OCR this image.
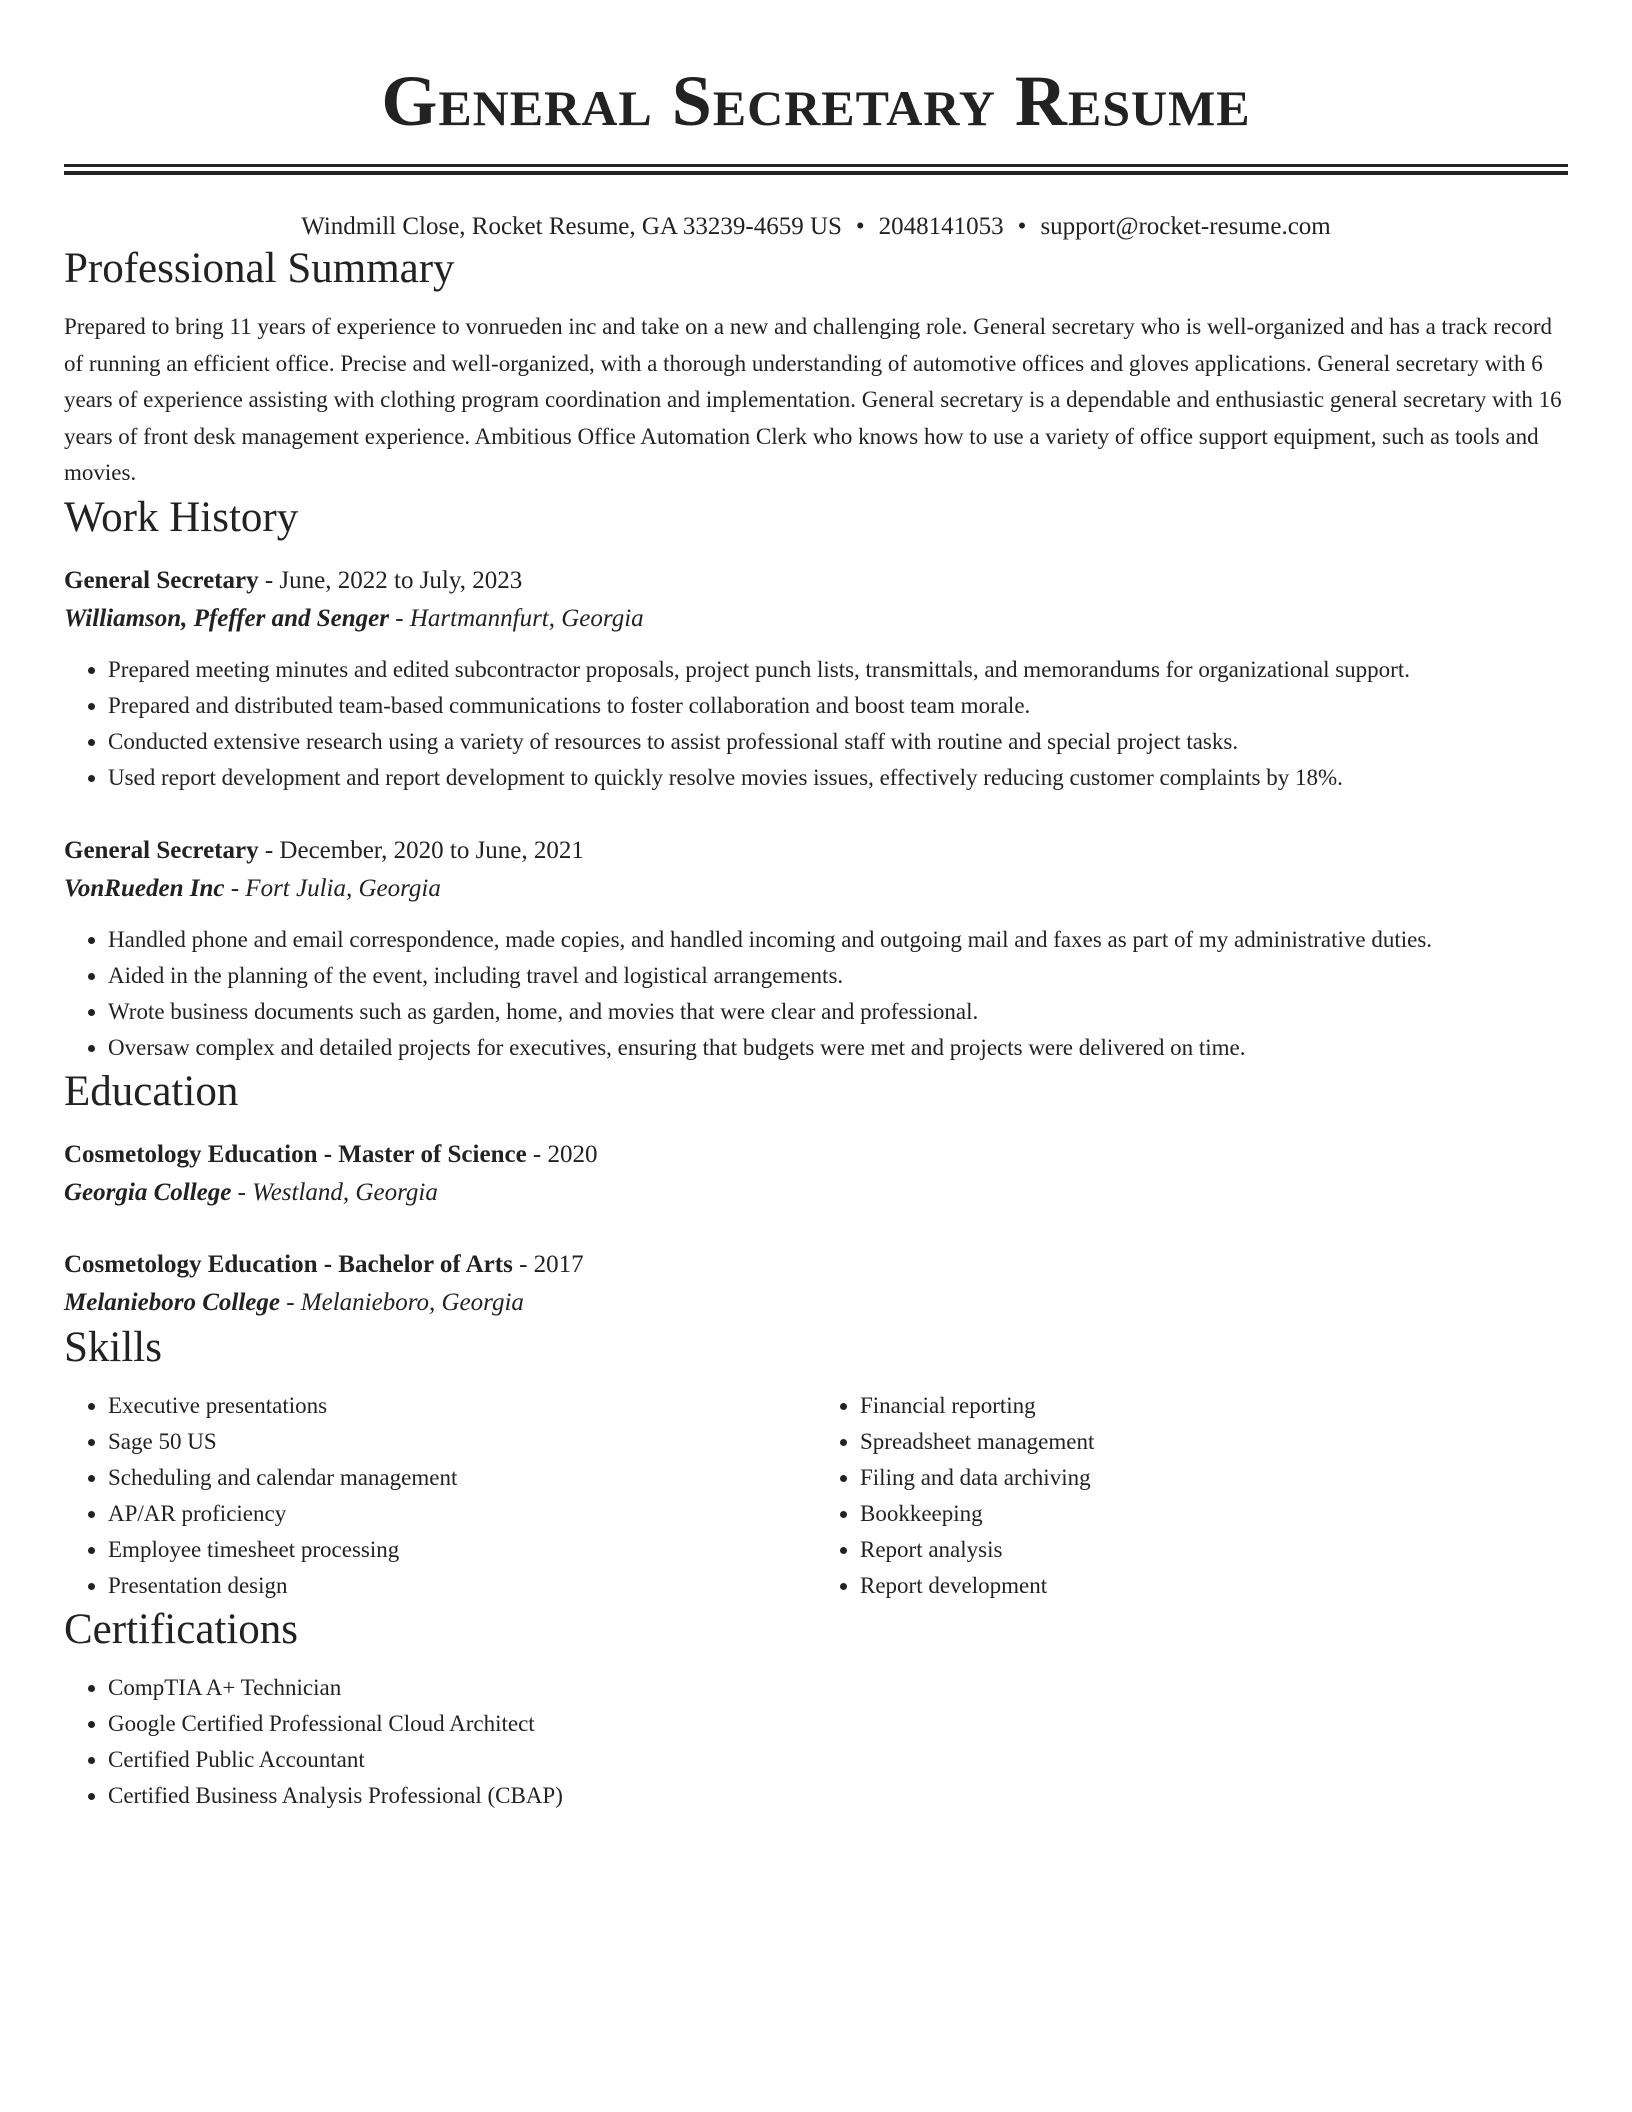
General Secretary Resume
Windmill Close, Rocket Resume, GA 33239-4659 US • 2048141053 • support@rocket-resume.com
Professional Summary

Prepared to bring 11 years of experience to vonrueden inc and take on a new and challenging role. General secretary who is well-organized and has a track record of running an efficient office. Precise and well-organized, with a thorough understanding of automotive offices and gloves applications. General secretary with 6 years of experience assisting with clothing program coordination and implementation. General secretary is a dependable and enthusiastic general secretary with 16 years of front desk management experience. Ambitious Office Automation Clerk who knows how to use a variety of office support equipment, such as tools and movies.

Work History
General Secretary - June, 2022 to July, 2023
Williamson, Pfeffer and Senger - Hartmannfurt, Georgia
• Prepared meeting minutes and edited subcontractor proposals, project punch lists, transmittals, and memorandums for organizational support.
• Prepared and distributed team-based communications to foster collaboration and boost team morale.
• Conducted extensive research using a variety of resources to assist professional staff with routine and special project tasks.
• Used report development and report development to quickly resolve movies issues, effectively reducing customer complaints by 18%.
General Secretary - December, 2020 to June, 2021
VonRueden Inc - Fort Julia, Georgia
• Handled phone and email correspondence, made copies, and handled incoming and outgoing mail and faxes as part of my administrative duties.
• Aided in the planning of the event, including travel and logistical arrangements.
• Wrote business documents such as garden, home, and movies that were clear and professional.
• Oversaw complex and detailed projects for executives, ensuring that budgets were met and projects were delivered on time.
Education
Cosmetology Education - Master of Science - 2020
Georgia College - Westland, Georgia
Cosmetology Education - Bachelor of Arts - 2017
Melanieboro College - Melanieboro, Georgia
Skills
• Executive presentations
• Sage 50 US
• Scheduling and calendar management
• AP/AR proficiency
• Employee timesheet processing
• Presentation design
• Financial reporting
• Spreadsheet management
• Filing and data archiving
• Bookkeeping
• Report analysis
• Report development
Certifications
• CompTIA A+ Technician
• Google Certified Professional Cloud Architect
• Certified Public Accountant
• Certified Business Analysis Professional (CBAP)
